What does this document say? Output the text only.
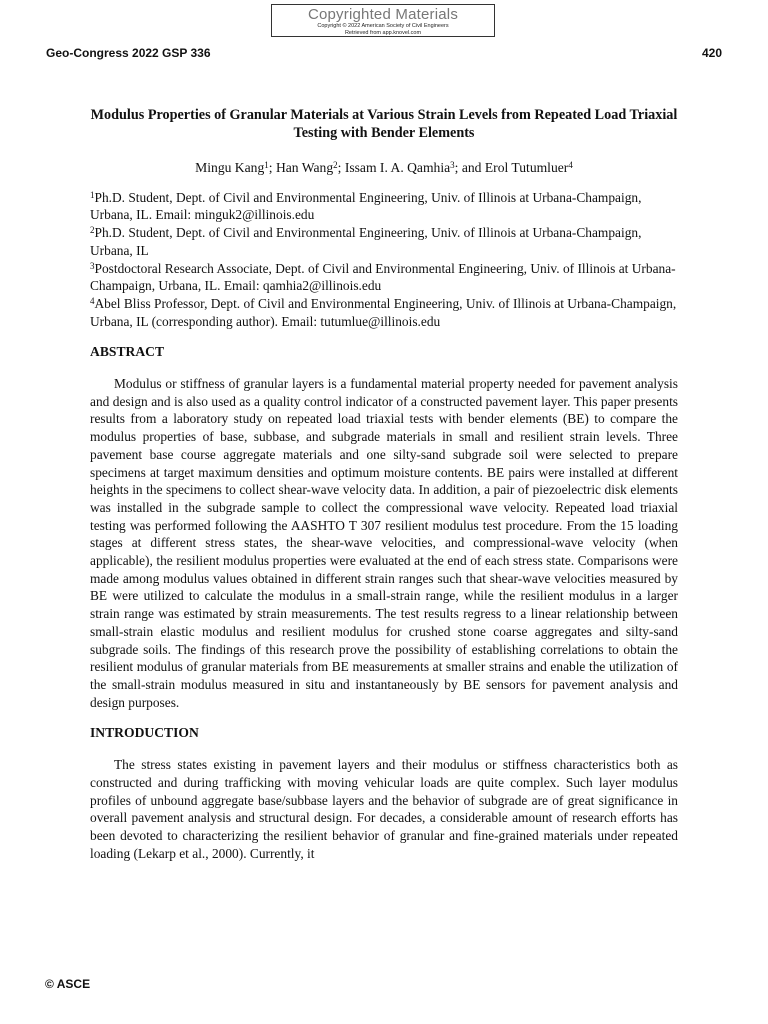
Copyrighted Materials
Copyright © 2022 American Society of Civil Engineers
Retrieved from app.knovel.com
Geo-Congress 2022 GSP 336	420

Modulus Properties of Granular Materials at Various Strain Levels from Repeated Load Triaxial Testing with Bender Elements

Mingu Kang$^1$; Han Wang$^2$; Issam I. A. Qamhia$^3$; and Erol Tutumluer$^4$

$^1$Ph.D. Student, Dept. of Civil and Environmental Engineering, Univ. of Illinois at Urbana-Champaign, Urbana, IL. Email: minguk2@illinois.edu

$^2$Ph.D. Student, Dept. of Civil and Environmental Engineering, Univ. of Illinois at Urbana-Champaign, Urbana, IL

$^3$Postdoctoral Research Associate, Dept. of Civil and Environmental Engineering, Univ. of Illinois at Urbana-Champaign, Urbana, IL. Email: qamhia2@illinois.edu

$^4$Abel Bliss Professor, Dept. of Civil and Environmental Engineering, Univ. of Illinois at Urbana-Champaign, Urbana, IL (corresponding author). Email: tutumlue@illinois.edu

ABSTRACT

Modulus or stiffness of granular layers is a fundamental material property needed for pavement analysis and design and is also used as a quality control indicator of a constructed pavement layer. This paper presents results from a laboratory study on repeated load triaxial tests with bender elements (BE) to compare the modulus properties of base, subbase, and subgrade materials in small and resilient strain levels. Three pavement base course aggregate materials and one silty-sand subgrade soil were selected to prepare specimens at target maximum densities and optimum moisture contents. BE pairs were installed at different heights in the specimens to collect shear-wave velocity data. In addition, a pair of piezoelectric disk elements was installed in the subgrade sample to collect the compressional wave velocity. Repeated load triaxial testing was performed following the AASHTO T 307 resilient modulus test procedure. From the 15 loading stages at different stress states, the shear-wave velocities, and compressional-wave velocity (when applicable), the resilient modulus properties were evaluated at the end of each stress state. Comparisons were made among modulus values obtained in different strain ranges such that shear-wave velocities measured by BE were utilized to calculate the modulus in a small-strain range, while the resilient modulus in a larger strain range was estimated by strain measurements. The test results regress to a linear relationship between small-strain elastic modulus and resilient modulus for crushed stone coarse aggregates and silty-sand subgrade soils. The findings of this research prove the possibility of establishing correlations to obtain the resilient modulus of granular materials from BE measurements at smaller strains and enable the utilization of the small-strain modulus measured in situ and instantaneously by BE sensors for pavement analysis and design purposes.

INTRODUCTION

The stress states existing in pavement layers and their modulus or stiffness characteristics both as constructed and during trafficking with moving vehicular loads are quite complex. Such layer modulus profiles of unbound aggregate base/subbase layers and the behavior of subgrade are of great significance in overall pavement analysis and structural design. For decades, a considerable amount of research efforts has been devoted to characterizing the resilient behavior of granular and fine-grained materials under repeated loading (Lekarp et al., 2000). Currently, it

© ASCE
